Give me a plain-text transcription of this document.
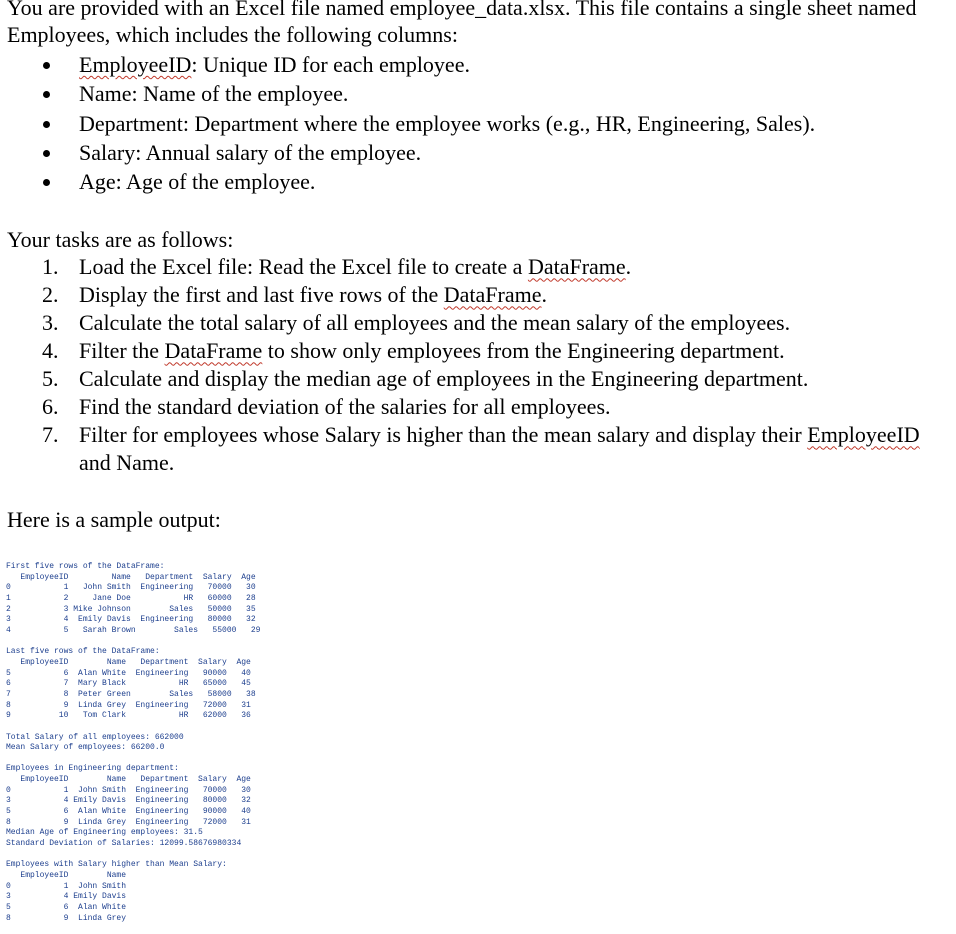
You are provided with an Excel file named employee_data.xlsx. This file contains a single sheet named Employees, which includes the following columns:

EmployeeID: Unique ID for each employee.
Name: Name of the employee.
Department: Department where the employee works (e.g., HR, Engineering, Sales).
Salary: Annual salary of the employee.
Age: Age of the employee.

Your tasks are as follows:

1. Load the Excel file: Read the Excel file to create a DataFrame.
2. Display the first and last five rows of the DataFrame.
3. Calculate the total salary of all employees and the mean salary of the employees.
4. Filter the DataFrame to show only employees from the Engineering department.
5. Calculate and display the median age of employees in the Engineering department.
6. Find the standard deviation of the salaries for all employees.
7. Filter for employees whose Salary is higher than the mean salary and display their EmployeeID and Name.

Here is a sample output:

First five rows of the DataFrame:
EmployeeID         Name   Department  Salary  Age
0           1   John Smith  Engineering   70000   30
1           2     Jane Doe           HR   60000   28
2           3 Mike Johnson        Sales   50000   35
3           4  Emily Davis  Engineering   80000   32
4           5   Sarah Brown        Sales   55000   29

Last five rows of the DataFrame:
EmployeeID        Name   Department  Salary  Age
5           6  Alan White  Engineering   90000   40
6           7  Mary Black           HR   65000   45
7           8  Peter Green        Sales   58000   38
8           9  Linda Grey  Engineering   72000   31
9          10   Tom Clark           HR   62000   36

Total Salary of all employees: 662000
Mean Salary of employees: 66200.0

Employees in Engineering department:
EmployeeID        Name   Department  Salary  Age
0           1  John Smith  Engineering   70000   30
3           4 Emily Davis  Engineering   80000   32
5           6  Alan White  Engineering   90000   40
8           9  Linda Grey  Engineering   72000   31
Median Age of Engineering employees: 31.5
Standard Deviation of Salaries: 12099.58676980334

Employees with Salary higher than Mean Salary:
EmployeeID        Name
0           1  John Smith
3           4 Emily Davis
5           6  Alan White
8           9  Linda Grey
